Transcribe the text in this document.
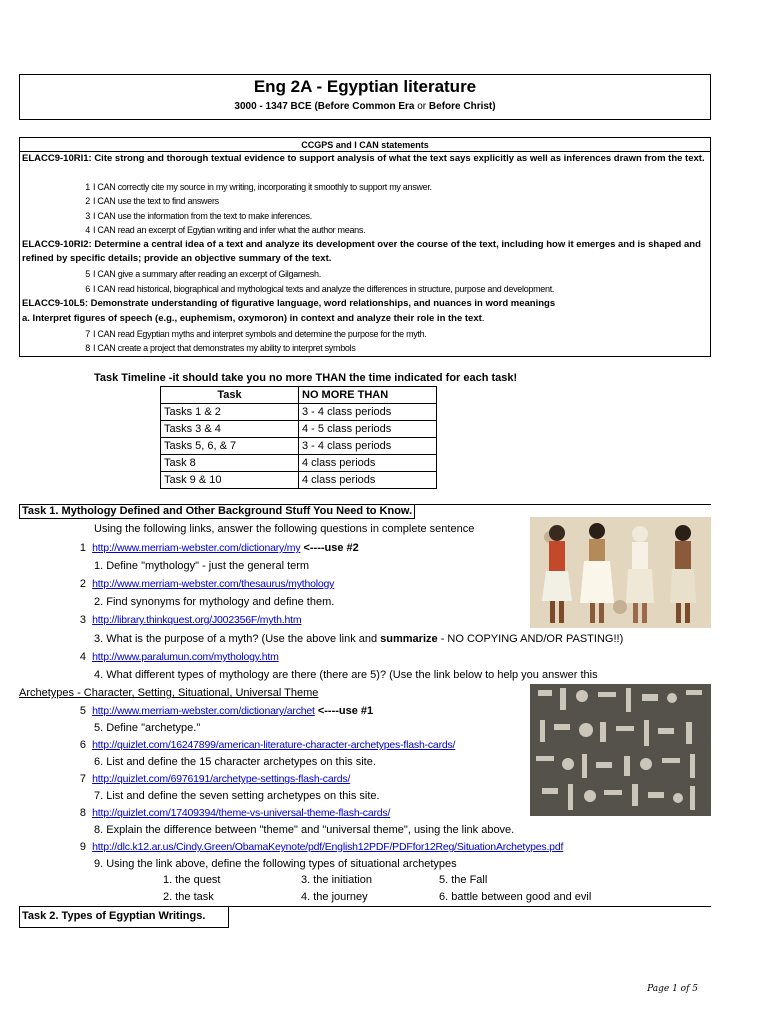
Eng 2A - Egyptian literature
3000 - 1347 BCE (Before Common Era or Before Christ)
CCGPS and I CAN statements
ELACC9-10RI1: Cite strong and thorough textual evidence to support analysis of what the text says explicitly as well as inferences drawn from the text.
1 I CAN correctly cite my source in my writing, incorporating it smoothly to support my answer.
2 I CAN use the text to find answers
3 I CAN use the information from the text to make inferences.
4 I CAN read an excerpt of Egytian writing and infer what the author means.
ELACC9-10RI2: Determine a central idea of a text and analyze its development over the course of the text, including how it emerges and is shaped and refined by specific details; provide an objective summary of the text.
5 I CAN give a summary after reading an excerpt of Gilgamesh.
6 I CAN read historical, biographical and mythological texts and analyze the differences in structure, purpose and development.
ELACC9-10L5: Demonstrate understanding of figurative language, word relationships, and nuances in word meanings
a. Interpret figures of speech (e.g., euphemism, oxymoron) in context and analyze their role in the text.
7 I CAN read Egyptian myths and interpret symbols and determine the purpose for the myth.
8 I CAN create a project that demonstrates my ability to interpret symbols
Task Timeline -it should take you no more THAN the time indicated for each task!
Task	NO MORE THAN
Tasks 1 & 2	3 - 4 class periods
Tasks 3 & 4	4 - 5 class periods
Tasks 5, 6, & 7	3 - 4 class periods
Task 8	4 class periods
Task 9 & 10	4 class periods
Task 1. Mythology Defined and Other Background Stuff You Need to Know.
Using the following links, answer the following questions in complete sentence
1 http://www.merriam-webster.com/dictionary/my <----use #2
1. Define "mythology" - just the general term
2 http://www.merriam-webster.com/thesaurus/mythology
2. Find synonyms for mythology and define them.
3 http://library.thinkquest.org/J002356F/myth.htm
3. What is the purpose of a myth? (Use the above link and summarize - NO COPYING AND/OR PASTING!!)
4 http://www.paralumun.com/mythology.htm
4. What different types of mythology are there (there are 5)? (Use the link below to help you answer this
Archetypes - Character, Setting, Situational, Universal Theme
5 http://www.merriam-webster.com/dictionary/archet <----use #1
5. Define "archetype."
6 http://quizlet.com/16247899/american-literature-character-archetypes-flash-cards/
6. List and define the 15 character archetypes on this site.
7 http://quizlet.com/6976191/archetype-settings-flash-cards/
7. List and define the seven setting archetypes on this site.
8 http://quizlet.com/17409394/theme-vs-universal-theme-flash-cards/
8. Explain the difference between "theme" and "universal theme", using the link above.
9 http://dlc.k12.ar.us/Cindy.Green/ObamaKeynote/pdf/English12PDF/PDFfor12Reg/SituationArchetypes.pdf
9. Using the link above, define the following types of situational archetypes
1. the quest	3. the initiation	5. the Fall
2. the task	4. the journey	6. battle between good and evil
Task 2. Types of Egyptian Writings.
Page 1 of 5
